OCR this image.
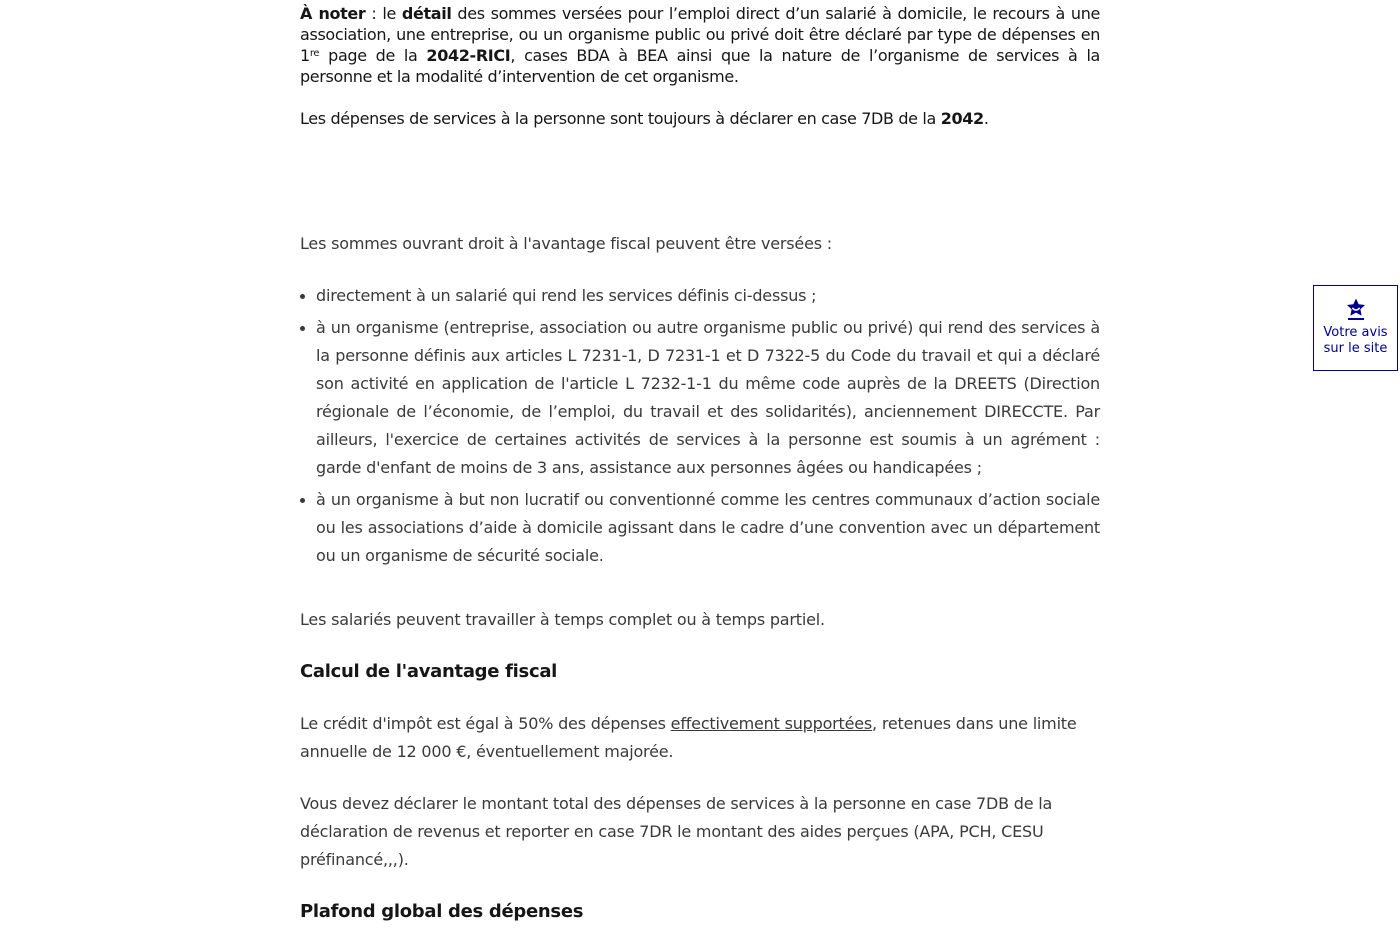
À noter : le détail des sommes versées pour l’emploi direct d’un salarié à domicile, le recours à une association, une entreprise, ou un organisme public ou privé doit être déclaré par type de dépenses en 1re page de la 2042-RICI, cases BDA à BEA ainsi que la nature de l’organisme de services à la personne et la modalité d’intervention de cet organisme.

Les dépenses de services à la personne sont toujours à déclarer en case 7DB de la 2042.

Les sommes ouvrant droit à l'avantage fiscal peuvent être versées :

directement à un salarié qui rend les services définis ci-dessus ;
à un organisme (entreprise, association ou autre organisme public ou privé) qui rend des services à la personne définis aux articles L 7231-1, D 7231-1 et D 7322-5 du Code du travail et qui a déclaré son activité en application de l'article L 7232-1-1 du même code auprès de la DREETS (Direction régionale de l’économie, de l’emploi, du travail et des solidarités), anciennement DIRECCTE. Par ailleurs, l'exercice de certaines activités de services à la personne est soumis à un agrément : garde d'enfant de moins de 3 ans, assistance aux personnes âgées ou handicapées ;
à un organisme à but non lucratif ou conventionné comme les centres communaux d’action sociale ou les associations d’aide à domicile agissant dans le cadre d’une convention avec un département ou un organisme de sécurité sociale.

Les salariés peuvent travailler à temps complet ou à temps partiel.

Calcul de l'avantage fiscal

Le crédit d'impôt est égal à 50% des dépenses effectivement supportées, retenues dans une limite annuelle de 12 000 €, éventuellement majorée.

Vous devez déclarer le montant total des dépenses de services à la personne en case 7DB de la déclaration de revenus et reporter en case 7DR le montant des aides perçues (APA, PCH, CESU préfinancé,,,).

Plafond global des dépenses
Votre avis sur le site
